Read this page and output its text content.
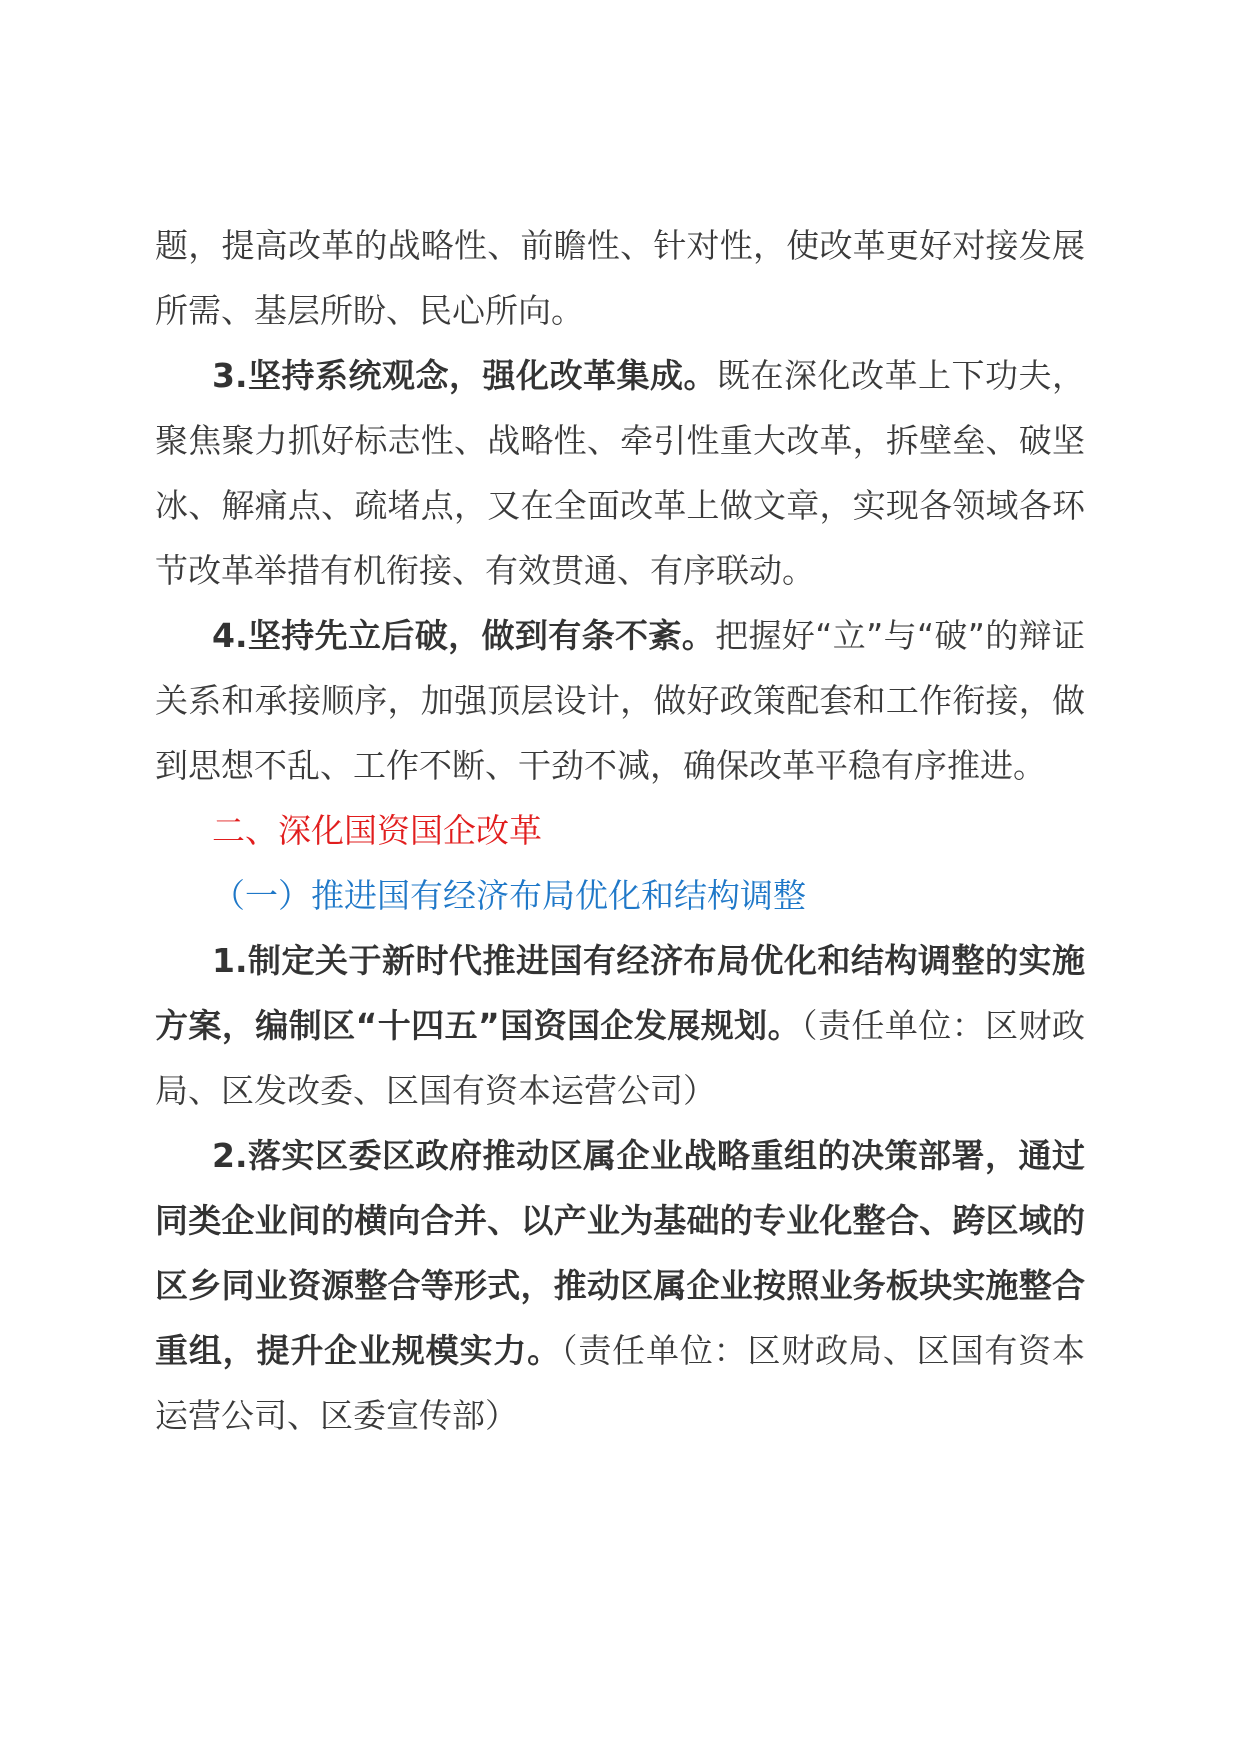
题，提高改革的战略性、前瞻性、针对性，使改革更好对接发展所需、基层所盼、民心所向。

3.坚持系统观念，强化改革集成。既在深化改革上下功夫，聚焦聚力抓好标志性、战略性、牵引性重大改革，拆壁垒、破坚冰、解痛点、疏堵点，又在全面改革上做文章，实现各领域各环节改革举措有机衔接、有效贯通、有序联动。

4.坚持先立后破，做到有条不紊。把握好“立”与“破”的辩证关系和承接顺序，加强顶层设计，做好政策配套和工作衔接，做到思想不乱、工作不断、干劲不减，确保改革平稳有序推进。

二、深化国资国企改革

（一）推进国有经济布局优化和结构调整

1.制定关于新时代推进国有经济布局优化和结构调整的实施方案，编制区“十四五”国资国企发展规划。（责任单位：区财政局、区发改委、区国有资本运营公司）

2.落实区委区政府推动区属企业战略重组的决策部署，通过同类企业间的横向合并、以产业为基础的专业化整合、跨区域的区乡同业资源整合等形式，推动区属企业按照业务板块实施整合重组，提升企业规模实力。（责任单位：区财政局、区国有资本运营公司、区委宣传部）
